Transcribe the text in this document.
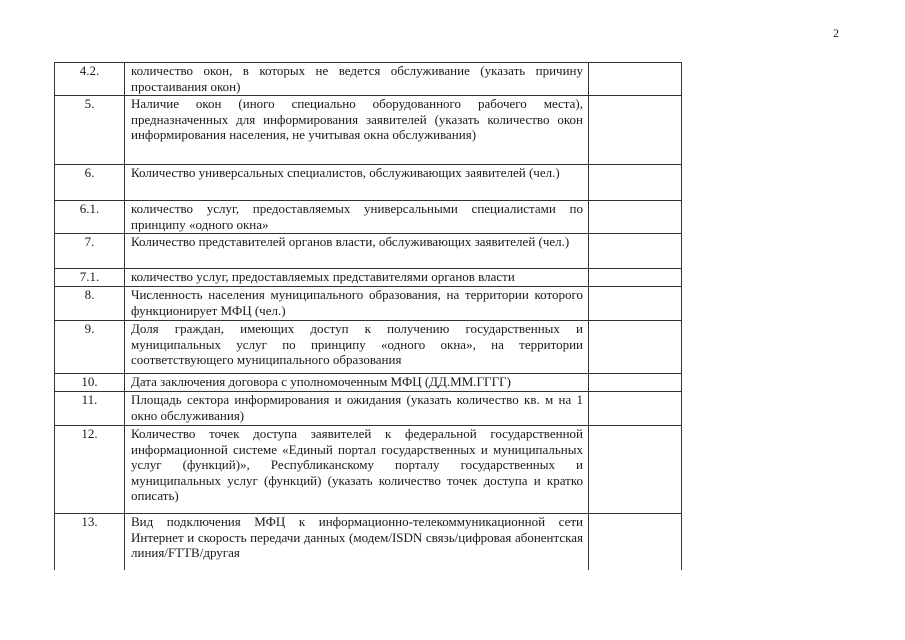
2
4.2.	количество окон, в которых не ведется обслуживание (указать причину простаивания окон)	
5.	Наличие окон (иного специально оборудованного рабочего места), предназначенных для информирования заявителей (указать количество окон информирования населения, не учитывая окна обслуживания)	
6.	Количество универсальных специалистов, обслуживающих заявителей (чел.)	
6.1.	количество услуг, предоставляемых универсальными специалистами по принципу «одного окна»	
7.	Количество представителей органов власти, обслуживающих заявителей (чел.)	
7.1.	количество услуг, предоставляемых представителями органов власти	
8.	Численность населения муниципального образования, на территории которого функционирует МФЦ (чел.)	
9.	Доля граждан, имеющих доступ к получению государственных и муниципальных услуг по принципу «одного окна», на территории соответствующего муниципального образования	
10.	Дата заключения договора с уполномоченным МФЦ (ДД.ММ.ГГГГ)	
11.	Площадь сектора информирования и ожидания (указать количество кв. м на 1 окно обслуживания)	
12.	Количество точек доступа заявителей к федеральной государственной информационной системе «Единый портал государственных и муниципальных услуг (функций)», Республиканскому порталу государственных и муниципальных услуг (функций) (указать количество точек доступа и кратко описать)	
13.	Вид подключения МФЦ к информационно-телекоммуникационной сети Интернет и скорость передачи данных (модем/ISDN связь/цифровая абонентская линия/FTTB/другая	
